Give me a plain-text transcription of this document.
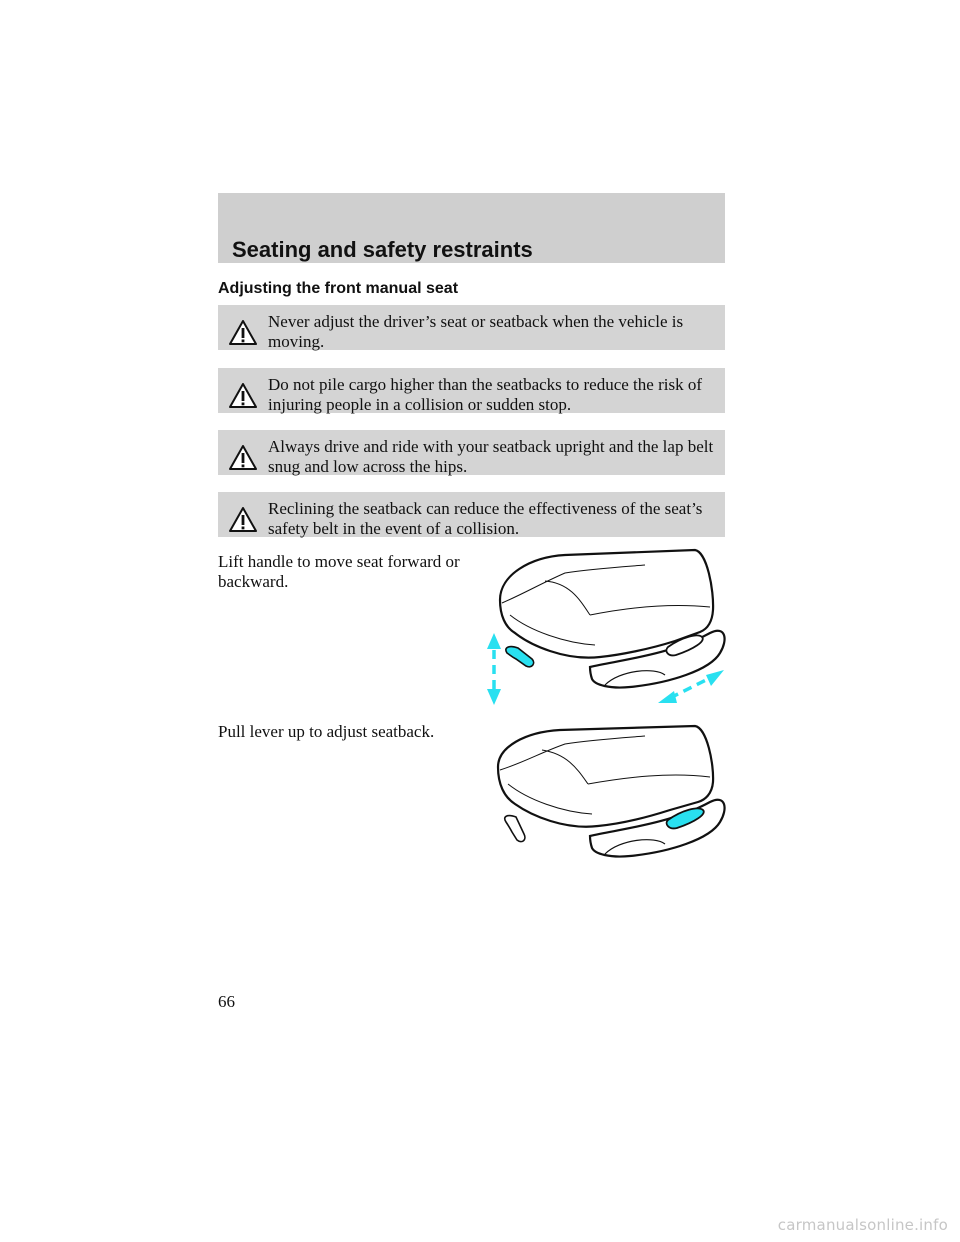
Seating and safety restraints
Adjusting the front manual seat
Never adjust the driver’s seat or seatback when the vehicle is moving.
Do not pile cargo higher than the seatbacks to reduce the risk of injuring people in a collision or sudden stop.
Always drive and ride with your seatback upright and the lap belt snug and low across the hips.
Reclining the seatback can reduce the effectiveness of the seat’s safety belt in the event of a collision.
Lift handle to move seat forward or backward.
Pull lever up to adjust seatback.
66
carmanualsonline.info
